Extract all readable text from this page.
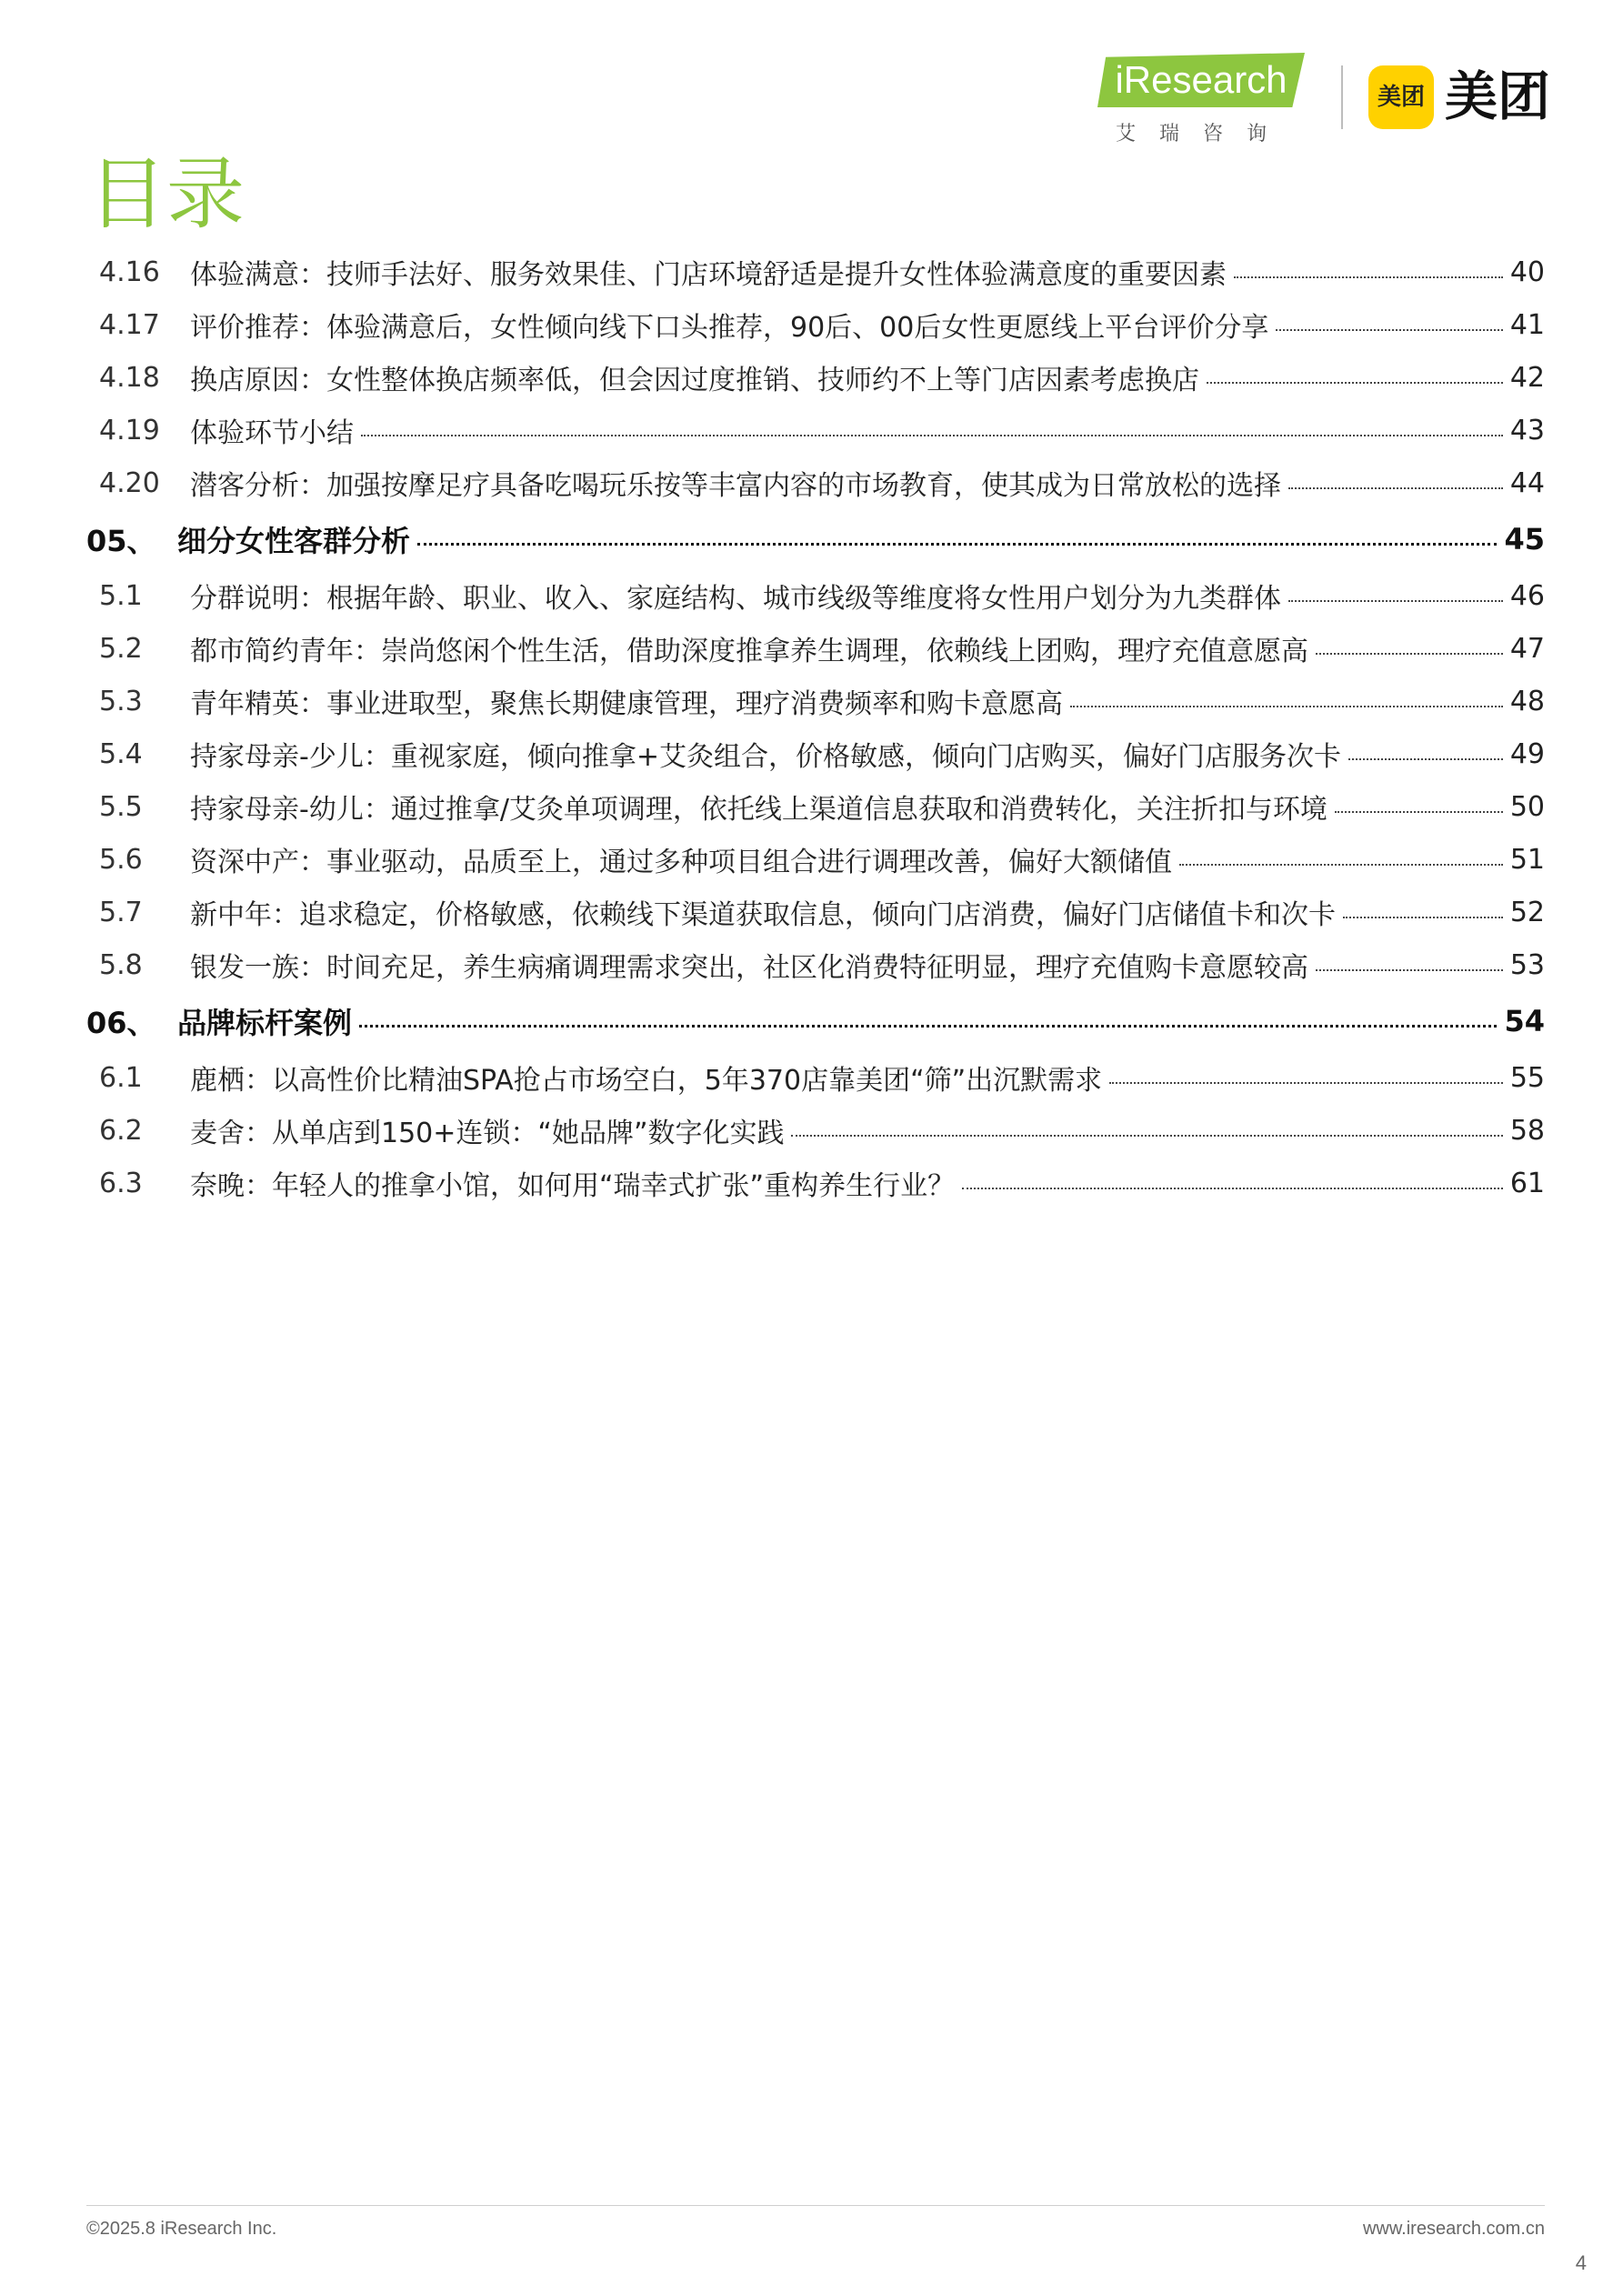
iResearch
艾瑞咨询
美团 美团
目录
4.16	体验满意：技师手法好、服务效果佳、门店环境舒适是提升女性体验满意度的重要因素	40
4.17	评价推荐：体验满意后，女性倾向线下口头推荐，90后、00后女性更愿线上平台评价分享	41
4.18	换店原因：女性整体换店频率低，但会因过度推销、技师约不上等门店因素考虑换店	42
4.19	体验环节小结	43
4.20	潜客分析：加强按摩足疗具备吃喝玩乐按等丰富内容的市场教育，使其成为日常放松的选择	44
05、 细分女性客群分析	45
5.1	分群说明：根据年龄、职业、收入、家庭结构、城市线级等维度将女性用户划分为九类群体	46
5.2	都市简约青年：崇尚悠闲个性生活，借助深度推拿养生调理，依赖线上团购，理疗充值意愿高	47
5.3	青年精英：事业进取型，聚焦长期健康管理，理疗消费频率和购卡意愿高	48
5.4	持家母亲-少儿：重视家庭，倾向推拿+艾灸组合，价格敏感，倾向门店购买，偏好门店服务次卡	49
5.5	持家母亲-幼儿：通过推拿/艾灸单项调理，依托线上渠道信息获取和消费转化，关注折扣与环境	50
5.6	资深中产：事业驱动，品质至上，通过多种项目组合进行调理改善，偏好大额储值	51
5.7	新中年：追求稳定，价格敏感，依赖线下渠道获取信息，倾向门店消费，偏好门店储值卡和次卡	52
5.8	银发一族：时间充足，养生病痛调理需求突出，社区化消费特征明显，理疗充值购卡意愿较高	53
06、 品牌标杆案例	54
6.1	鹿栖：以高性价比精油SPA抢占市场空白，5年370店靠美团“筛”出沉默需求	55
6.2	麦舍：从单店到150+连锁：“她品牌”数字化实践	58
6.3	奈晚：年轻人的推拿小馆，如何用“瑞幸式扩张”重构养生行业？	61
©2025.8 iResearch Inc.	www.iresearch.com.cn
4
